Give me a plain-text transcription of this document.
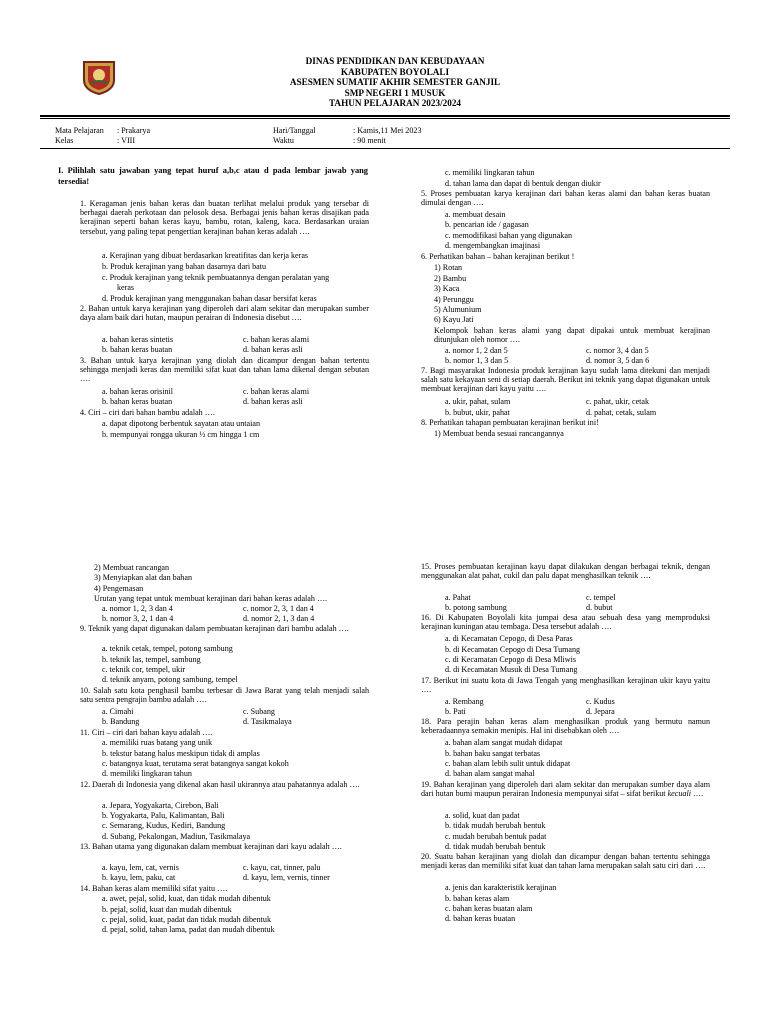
DINAS PENDIDIKAN DAN KEBUDAYAAN
KABUPATEN BOYOLALI
ASESMEN SUMATIF AKHIR SEMESTER GANJIL
SMP NEGERI 1 MUSUK
TAHUN PELAJARAN 2023/2024
Mata Pelajaran : Prakarya
Kelas	: VIII
Hari/Tanggal	: Kamis,11 Mei 2023
Waktu	: 90 menit
I. Pilihlah satu jawaban yang tepat huruf a,b,c atau d pada lembar jawab yang tersedia!
1. Keragaman jenis bahan keras dan buatan terlihat melalui produk yang tersebar di berbagai daerah perkotaan dan pelosok desa. Berbagai jenis bahan keras disajikan pada kerajinan seperti bahan keras kayu, bambu, rotan, kaleng, kaca. Berdasarkan uraian tersebut, yang paling tepat pengertian kerajinan bahan keras adalah ….
a. Kerajinan yang dibuat berdasarkan kreatifitas dan kerja keras
b. Produk kerajinan yang bahan dasarnya dari batu
c. Produk kerajinan yang teknik pembuatannya dengan peralatan yang
keras
d. Produk kerajinan yang menggunakan bahan dasar bersifat keras
2. Bahan untuk karya kerajinan yang diperoleh dari alam sekitar dan merupakan sumber daya alam baik dari hutan, maupun perairan di Indonesia disebut ….
a. bahan keras sintetis
b. bahan keras buatan
c. bahan keras alami
d. bahan keras asli
3. Bahan untuk karya kerajinan yang diolah dan dicampur dengan bahan tertentu sehingga menjadi keras dan memiliki sifat kuat dan tahan lama dikenal dengan sebutan ….
a. bahan keras orisinil
b. bahan keras buatan
c. bahan keras alami
d. bahan keras asli
4. Ciri – ciri dari bahan bambu adalah ….
a. dapat dipotong berbentuk sayatan atau untaian
b. mempunyai rongga ukuran ½ cm hingga 1 cm
c. memiliki lingkaran tahun
d. tahan lama dan dapat di bentuk dengan diukir
5. Proses pembuatan karya kerajinan dari bahan keras alami dan bahan keras buatan dimulai dengan ….
a. membuat desain
b. pencarian ide / gagasan
c. memodifikasi bahan yang digunakan
d. mengembangkan imajinasi
6. Perhatikan bahan – bahan kerajinan berikut !
1) Rotan
2) Bambu
3) Kaca
4) Perunggu
5) Alumunium
6) Kayu Jati
Kelompok bahan keras alami yang dapat dipakai untuk membuat kerajinan ditunjukan oleh nomor ….
a. nomor 1, 2 dan 5
b. nomor 1, 3 dan 5
c. nomor 3, 4 dan 5
d. nomor 3, 5 dan 6
7. Bagi masyarakat Indonesia produk kerajinan kayu sudah lama ditekuni dan menjadi salah satu kekayaan seni di setiap daerah. Berikut ini teknik yang dapat digunakan untuk membuat kerajinan dari kayu yaitu ….
a. ukir, pahat, sulam
b. bubut, ukir, pahat
c. pahat, ukir, cetak
d. pahat, cetak, sulam
8. Perhatikan tahapan pembuatan kerajinan berikut ini!
1) Membuat benda sesuai rancangannya
2) Membuat rancangan
3) Menyiapkan alat dan bahan
4) Pengemasan
Urutan yang tepat untuk membuat kerajinan dari bahan keras adalah ….
a. nomor 1, 2, 3 dan 4
b. nomor 3, 2, 1 dan 4
c. nomor 2, 3, 1 dan 4
d. nomor 2, 1, 3 dan 4
9. Teknik yang dapat digunakan dalam pembuatan kerajinan dari bambu adalah ….
a. teknik cetak, tempel, potong sambung
b. teknik las, tempel, sambung
c. teknik cor, tempel, ukir
d. teknik anyam, potong sambung, tempel
10. Salah satu kota penghasil bambu terbesar di Jawa Barat yang telah menjadi salah satu sentra pengrajin bambu adalah ….
a. Cimahi
b. Bandung
c. Subang
d. Tasikmalaya
11. Ciri – ciri dari bahan kayu adalah ….
a. memiliki ruas batang yang unik
b. tekstur batang halus meskipun tidak di amplas
c. batangnya kuat, terutama serat batangnya sangat kokoh
d. memiliki lingkaran tahun
12. Daerah di Indonesia yang dikenal akan hasil ukirannya atau pahatannya adalah ….
a. Jepara, Yogyakarta, Cirebon, Bali
b. Yogyakarta, Palu, Kalimantan, Bali
c. Semarang, Kudus, Kediri, Bandung
d. Subang, Pekalongan, Madiun, Tasikmalaya
13. Bahan utama yang digunakan dalam membuat kerajinan dari kayu adalah ….
a. kayu, lem, cat, vernis
b. kayu, lem, paku, cat
c. kayu, cat, tinner, palu
d. kayu, lem, vernis, tinner
14. Bahan keras alam memiliki sifat yaitu ….
a. awet, pejal, solid, kuat, dan tidak mudah dibentuk
b. pejal, solid, kuat dan mudah dibentuk
c. pejal, solid, kuat, padat dan tidak mudah dibentuk
d. pejal, solid, tahan lama, padat dan mudah dibentuk
15. Proses pembuatan kerajinan kayu dapat dilakukan dengan berbagai teknik, dengan menggunakan alat pahat, cukil dan palu dapat menghasilkan teknik ….
a. Pahat
b. potong sambung
c. tempel
d. bubut
16. Di Kabupaten Boyolali kita jumpai desa atau sebuah desa yang memproduksi kerajinan kuningan atau tembaga. Desa tersebut adalah ….
a. di Kecamatan Cepogo, di Desa Paras
b. di Kecamatan Cepogo di Desa Tumang
c. di Kecamatan Cepogo di Desa Mliwis
d. di Kecamatan Musuk di Desa Tumang
17. Berikut ini suatu kota di Jawa Tengah yang menghasilkan kerajinan ukir kayu yaitu ….
a. Rembang
b. Pati
c. Kudus
d. Jepara
18. Para perajin bahan keras alam menghasilkan produk yang bermutu namun keberadaannya semakin menipis. Hal ini disebabkan oleh ….
a. bahan alam sangat mudah didapat
b. bahan baku sangat terbatas
c. bahan alam lebih sulit untuk didapat
d. bahan alam sangat mahal
19. Bahan kerajinan yang diperoleh dari alam sekitar dan merupakan sumber daya alam dari hutan bumi maupun perairan Indonesia mempunyai sifat – sifat berikut kecuali ….
a. solid, kuat dan padat
b. tidak mudah berubah bentuk
c. mudah berubah bentuk padat
d. tidak mudah berubah bentuk
20. Suatu bahan kerajinan yang diolah dan dicampur dengan bahan tertentu sehingga menjadi keras dan memiliki sifat kuat dan tahan lama merupakan salah satu ciri dari ….
a. jenis dan karakteristik kerajinan
b. bahan keras alam
c. bahan keras buatan alam
d. bahan keras buatan
